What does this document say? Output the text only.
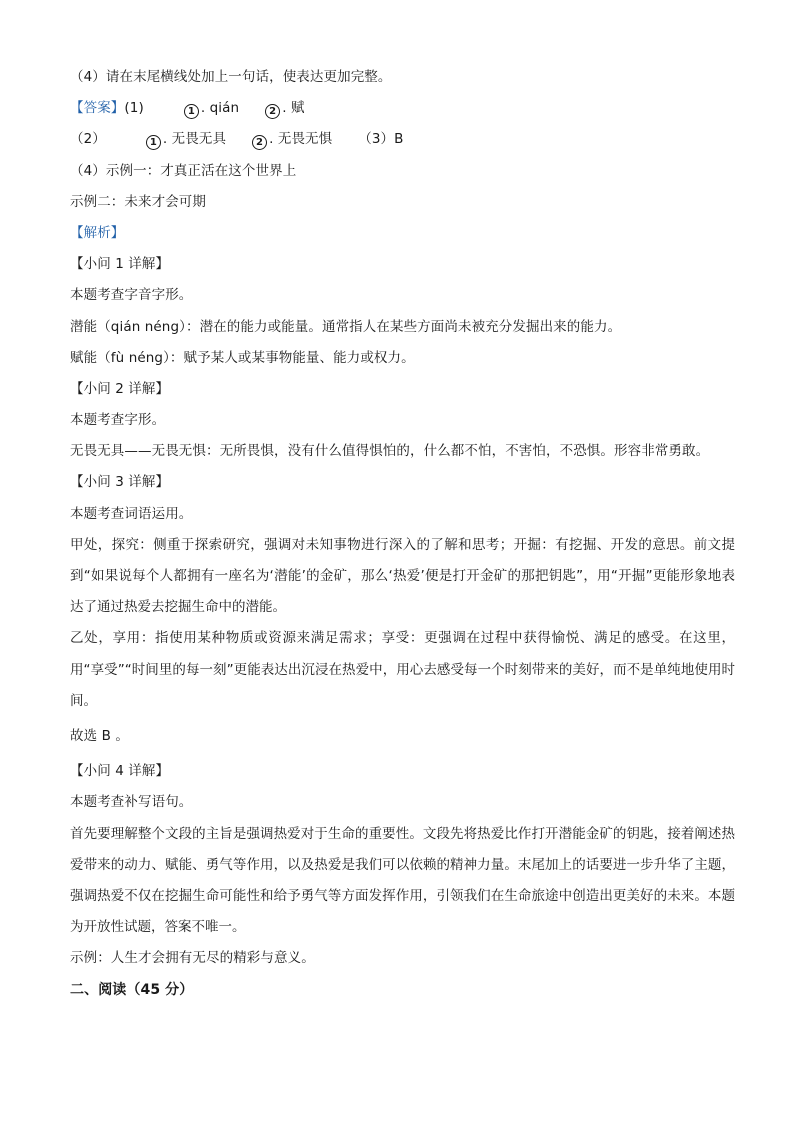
（4）请在末尾横线处加上一句话，使表达更加完整。
【答案】(1)	1 . qián	2 . 赋
（2）	1 . 无畏无具	2 . 无畏无惧 （3）B
（4）示例一：才真正活在这个世界上
示例二：未来才会可期
【解析】
【小问 1 详解】
本题考查字音字形。
潜能（qián néng）：潜在的能力或能量。通常指人在某些方面尚未被充分发掘出来的能力。
赋能（fù néng）：赋予某人或某事物能量、能力或权力。
【小问 2 详解】
本题考查字形。
无畏无具——无畏无惧：无所畏惧，没有什么值得惧怕的，什么都不怕，不害怕，不恐惧。形容非常勇敢。
【小问 3 详解】
本题考查词语运用。
甲处，探究：侧重于探索研究，强调对未知事物进行深入的了解和思考；开掘：有挖掘、开发的意思。前文提到“如果说每个人都拥有一座名为‘潜能’的金矿，那么‘热爱’便是打开金矿的那把钥匙”，用“开掘”更能形象地表达了通过热爱去挖掘生命中的潜能。
乙处，享用：指使用某种物质或资源来满足需求；享受：更强调在过程中获得愉悦、满足的感受。在这里，用“享受”“时间里的每一刻”更能表达出沉浸在热爱中，用心去感受每一个时刻带来的美好，而不是单纯地使用时间。
故选 B 。
【小问 4 详解】
本题考查补写语句。
首先要理解整个文段的主旨是强调热爱对于生命的重要性。文段先将热爱比作打开潜能金矿的钥匙，接着阐述热爱带来的动力、赋能、勇气等作用，以及热爱是我们可以依赖的精神力量。末尾加上的话要进一步升华了主题，强调热爱不仅在挖掘生命可能性和给予勇气等方面发挥作用，引领我们在生命旅途中创造出更美好的未来。本题为开放性试题，答案不唯一。
示例：人生才会拥有无尽的精彩与意义。
二、阅读（45 分）
